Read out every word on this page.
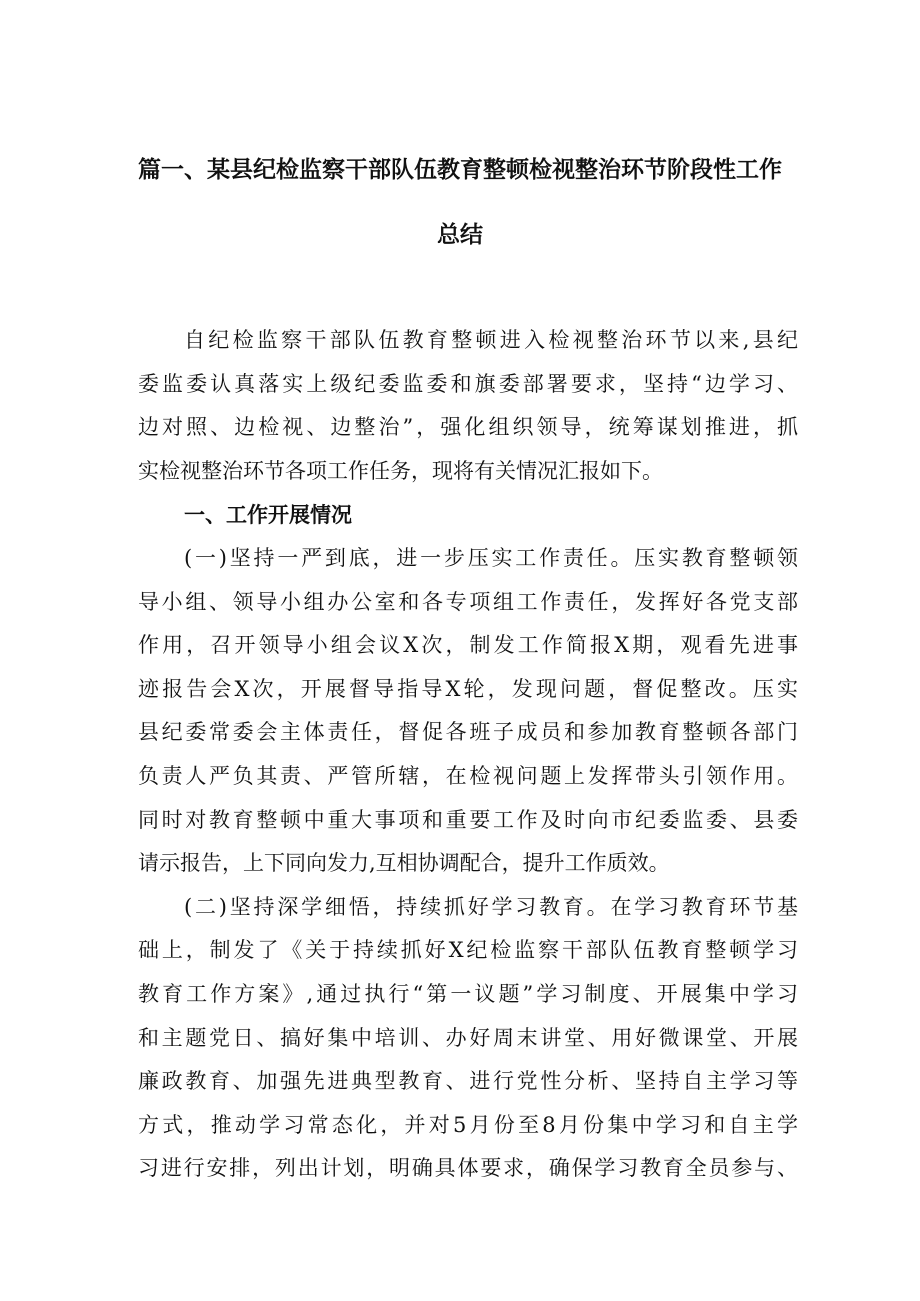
篇一、某县纪检监察干部队伍教育整顿检视整治环节阶段性工作
总结
自纪检监察干部队伍教育整顿进入检视整治环节以来,县纪
委监委认真落实上级纪委监委和旗委部署要求，坚持“边学习、
边对照、边检视、边整治”，强化组织领导，统筹谋划推进，抓
实检视整治环节各项工作任务，现将有关情况汇报如下。
一、工作开展情况
(一)坚持一严到底，进一步压实工作责任。压实教育整顿领
导小组、领导小组办公室和各专项组工作责任，发挥好各党支部
作用，召开领导小组会议X次，制发工作简报X期，观看先进事
迹报告会X次，开展督导指导X轮，发现问题，督促整改。压实
县纪委常委会主体责任，督促各班子成员和参加教育整顿各部门
负责人严负其责、严管所辖，在检视问题上发挥带头引领作用。
同时对教育整顿中重大事项和重要工作及时向市纪委监委、县委
请示报告，上下同向发力,互相协调配合，提升工作质效。
(二)坚持深学细悟，持续抓好学习教育。在学习教育环节基
础上，制发了《关于持续抓好X纪检监察干部队伍教育整顿学习
教育工作方案》,通过执行“第一议题”学习制度、开展集中学习
和主题党日、搞好集中培训、办好周末讲堂、用好微课堂、开展
廉政教育、加强先进典型教育、进行党性分析、坚持自主学习等
方式，推动学习常态化，并对5月份至8月份集中学习和自主学
习进行安排，列出计划，明确具体要求，确保学习教育全员参与、
